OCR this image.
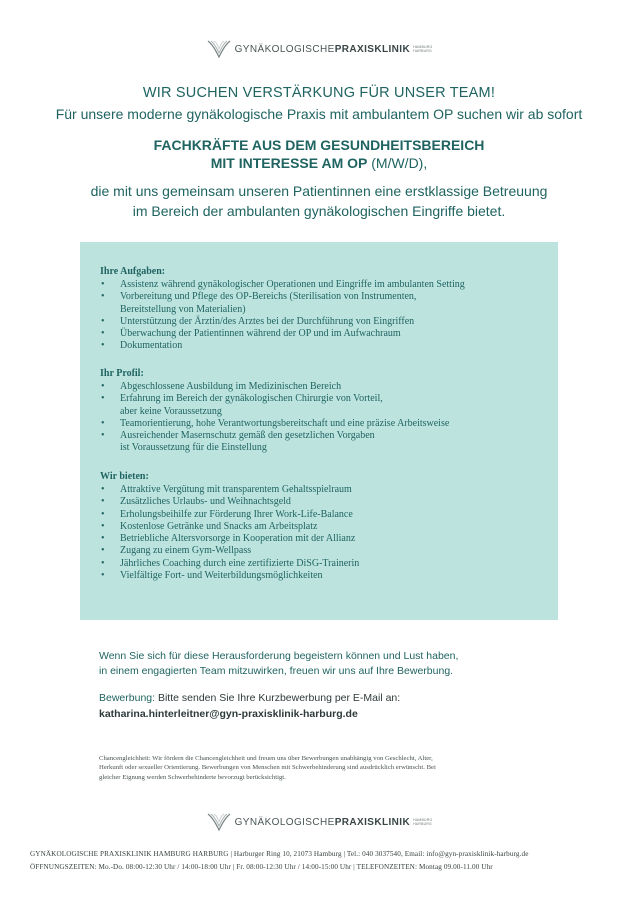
GYNÄKOLOGISCHEPRAXISKLINIK HAMBURG
HARBURG
WIR SUCHEN VERSTÄRKUNG FÜR UNSER TEAM!
Für unsere moderne gynäkologische Praxis mit ambulantem OP suchen wir ab sofort
FACHKRÄFTE AUS DEM GESUNDHEITSBEREICH
MIT INTERESSE AM OP (M/W/D),
die mit uns gemeinsam unseren Patientinnen eine erstklassige Betreuung
im Bereich der ambulanten gynäkologischen Eingriffe bietet.
Ihre Aufgaben:
• Assistenz während gynäkologischer Operationen und Eingriffe im ambulanten Setting
• Vorbereitung und Pflege des OP-Bereichs (Sterilisation von Instrumenten,
Bereitstellung von Materialien)
• Unterstützung der Ärztin/des Arztes bei der Durchführung von Eingriffen
• Überwachung der Patientinnen während der OP und im Aufwachraum
• Dokumentation
Ihr Profil:
• Abgeschlossene Ausbildung im Medizinischen Bereich
• Erfahrung im Bereich der gynäkologischen Chirurgie von Vorteil,
aber keine Voraussetzung
• Teamorientierung, hohe Verantwortungsbereitschaft und eine präzise Arbeitsweise
• Ausreichender Masernschutz gemäß den gesetzlichen Vorgaben
ist Voraussetzung für die Einstellung
Wir bieten:
• Attraktive Vergütung mit transparentem Gehaltsspielraum
• Zusätzliches Urlaubs- und Weihnachtsgeld
• Erholungsbeihilfe zur Förderung Ihrer Work-Life-Balance
• Kostenlose Getränke und Snacks am Arbeitsplatz
• Betriebliche Altersvorsorge in Kooperation mit der Allianz
• Zugang zu einem Gym-Wellpass
• Jährliches Coaching durch eine zertifizierte DiSG-Trainerin
• Vielfältige Fort- und Weiterbildungsmöglichkeiten
Wenn Sie sich für diese Herausforderung begeistern können und Lust haben,
in einem engagierten Team mitzuwirken, freuen wir uns auf Ihre Bewerbung.
Bewerbung: Bitte senden Sie Ihre Kurzbewerbung per E-Mail an:
katharina.hinterleitner@gyn-praxisklinik-harburg.de
Chancengleichheit: Wir fördern die Chancengleichheit und freuen uns über Bewerbungen unabhängig von Geschlecht, Alter,
Herkunft oder sexueller Orientierung. Bewerbungen von Menschen mit Schwerbehinderung sind ausdrücklich erwünscht. Bei
gleicher Eignung werden Schwerbehinderte bevorzugt berücksichtigt.
GYNÄKOLOGISCHEPRAXISKLINIK HAMBURG
HARBURG
GYNÄKOLOGISCHE PRAXISKLINIK HAMBURG HARBURG | Harburger Ring 10, 21073 Hamburg | Tel.: 040 3037540, Email: info@gyn-praxisklinik-harburg.de
ÖFFNUNGSZEITEN: Mo.-Do. 08:00-12:30 Uhr / 14:00-18:00 Uhr | Fr. 08:00-12:30 Uhr / 14:00-15:00 Uhr | TELEFONZEITEN: Montag 09.00-11.00 Uhr
